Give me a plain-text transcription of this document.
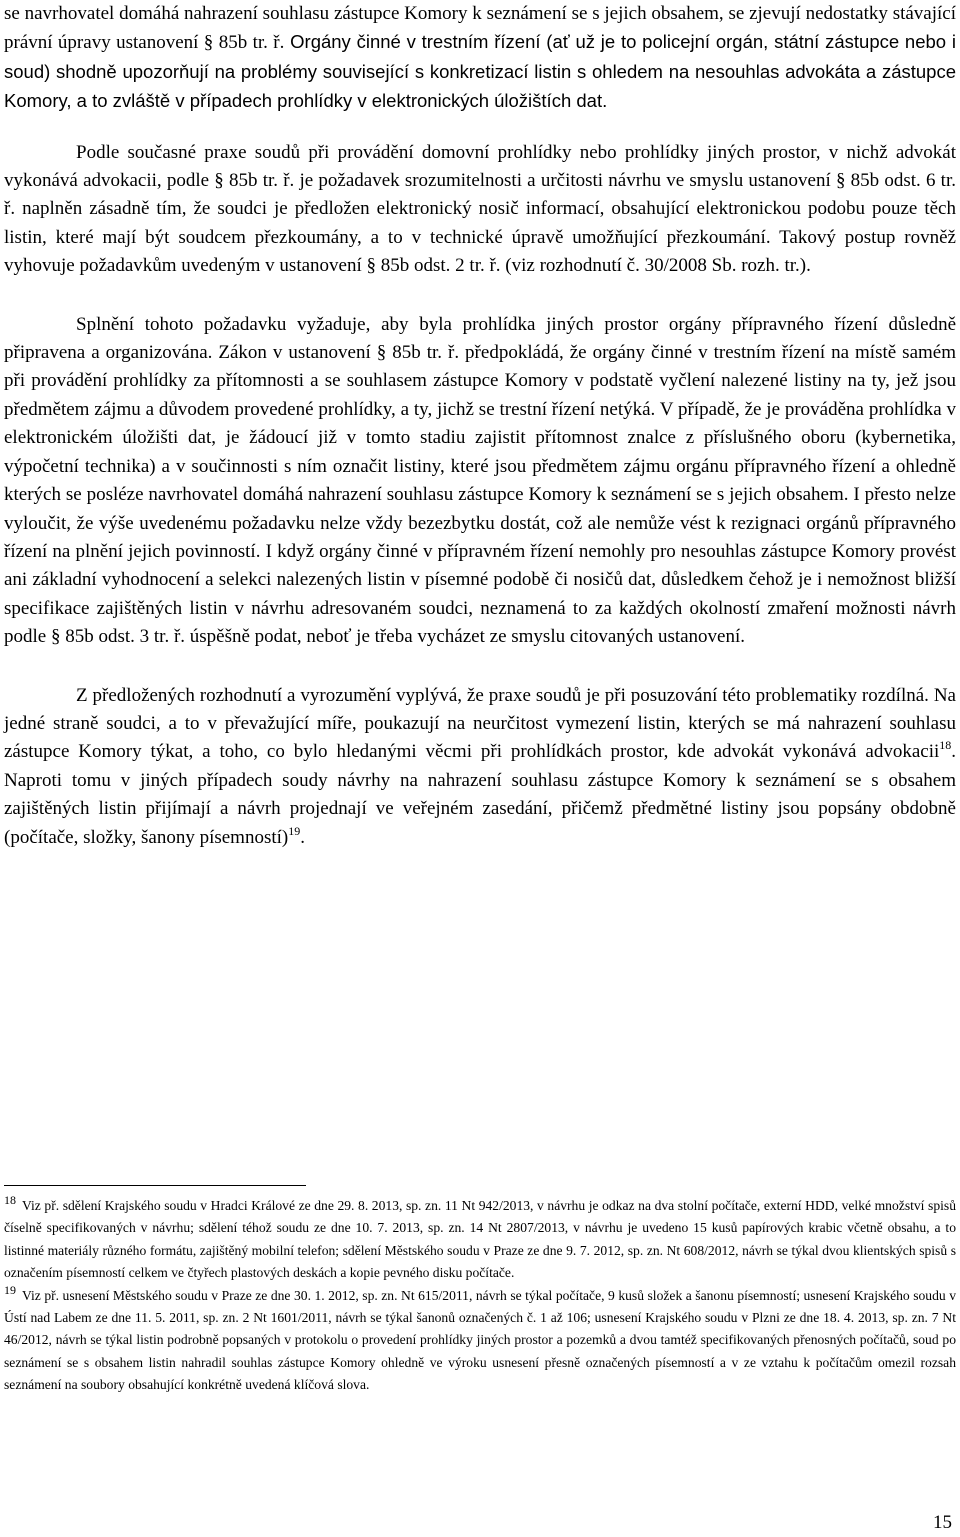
se navrhovatel domáhá nahrazení souhlasu zástupce Komory k seznámení se s jejich obsahem, se zjevují nedostatky stávající právní úpravy ustanovení § 85b tr. ř. Orgány činné v trestním řízení (ať už je to policejní orgán, státní zástupce nebo i soud) shodně upozorňují na problémy související s konkretizací listin s ohledem na nesouhlas advokáta a zástupce Komory, a to zvláště v případech prohlídky v elektronických úložištích dat.

Podle současné praxe soudů při provádění domovní prohlídky nebo prohlídky jiných prostor, v nichž advokát vykonává advokacii, podle § 85b tr. ř. je požadavek srozumitelnosti a určitosti návrhu ve smyslu ustanovení § 85b odst. 6 tr. ř. naplněn zásadně tím, že soudci je předložen elektronický nosič informací, obsahující elektronickou podobu pouze těch listin, které mají být soudcem přezkoumány, a to v technické úpravě umožňující přezkoumání. Takový postup rovněž vyhovuje požadavkům uvedeným v ustanovení § 85b odst. 2 tr. ř. (viz rozhodnutí č. 30/2008 Sb. rozh. tr.).

Splnění tohoto požadavku vyžaduje, aby byla prohlídka jiných prostor orgány přípravného řízení důsledně připravena a organizována. Zákon v ustanovení § 85b tr. ř. předpokládá, že orgány činné v trestním řízení na místě samém při provádění prohlídky za přítomnosti a se souhlasem zástupce Komory v podstatě vyčlení nalezené listiny na ty, jež jsou předmětem zájmu a důvodem provedené prohlídky, a ty, jichž se trestní řízení netýká. V případě, že je prováděna prohlídka v elektronickém úložišti dat, je žádoucí již v tomto stadiu zajistit přítomnost znalce z příslušného oboru (kybernetika, výpočetní technika) a v součinnosti s ním označit listiny, které jsou předmětem zájmu orgánu přípravného řízení a ohledně kterých se posléze navrhovatel domáhá nahrazení souhlasu zástupce Komory k seznámení se s jejich obsahem. I přesto nelze vyloučit, že výše uvedenému požadavku nelze vždy bezezbytku dostát, což ale nemůže vést k rezignaci orgánů přípravného řízení na plnění jejich povinností. I když orgány činné v přípravném řízení nemohly pro nesouhlas zástupce Komory provést ani základní vyhodnocení a selekci nalezených listin v písemné podobě či nosičů dat, důsledkem čehož je i nemožnost bližší specifikace zajištěných listin v návrhu adresovaném soudci, neznamená to za každých okolností zmaření možnosti návrh podle § 85b odst. 3 tr. ř. úspěšně podat, neboť je třeba vycházet ze smyslu citovaných ustanovení.

Z předložených rozhodnutí a vyrozumění vyplývá, že praxe soudů je při posuzování této problematiky rozdílná. Na jedné straně soudci, a to v převažující míře, poukazují na neurčitost vymezení listin, kterých se má nahrazení souhlasu zástupce Komory týkat, a toho, co bylo hledanými věcmi při prohlídkách prostor, kde advokát vykonává advokacii$^{18}$. Naproti tomu v jiných případech soudy návrhy na nahrazení souhlasu zástupce Komory k seznámení se s obsahem zajištěných listin přijímají a návrh projednají ve veřejném zasedání, přičemž předmětné listiny jsou popsány obdobně (počítače, složky, šanony písemností)$^{19}$.

18 Viz př. sdělení Krajského soudu v Hradci Králové ze dne 29. 8. 2013, sp. zn. 11 Nt 942/2013, v návrhu je odkaz na dva stolní počítače, externí HDD, velké množství spisů číselně specifikovaných v návrhu; sdělení téhož soudu ze dne 10. 7. 2013, sp. zn. 14 Nt 2807/2013, v návrhu je uvedeno 15 kusů papírových krabic včetně obsahu, a to listinné materiály různého formátu, zajištěný mobilní telefon; sdělení Městského soudu v Praze ze dne 9. 7. 2012, sp. zn. Nt 608/2012, návrh se týkal dvou klientských spisů s označením písemností celkem ve čtyřech plastových deskách a kopie pevného disku počítače.

19 Viz př. usnesení Městského soudu v Praze ze dne 30. 1. 2012, sp. zn. Nt 615/2011, návrh se týkal počítače, 9 kusů složek a šanonu písemností; usnesení Krajského soudu v Ústí nad Labem ze dne 11. 5. 2011, sp. zn. 2 Nt 1601/2011, návrh se týkal šanonů označených č. 1 až 106; usnesení Krajského soudu v Plzni ze dne 18. 4. 2013, sp. zn. 7 Nt 46/2012, návrh se týkal listin podrobně popsaných v protokolu o provedení prohlídky jiných prostor a pozemků a dvou tamtéž specifikovaných přenosných počítačů, soud po seznámení se s obsahem listin nahradil souhlas zástupce Komory ohledně ve výroku usnesení přesně označených písemností a v ze vztahu k počítačům omezil rozsah seznámení na soubory obsahující konkrétně uvedená klíčová slova.

15
